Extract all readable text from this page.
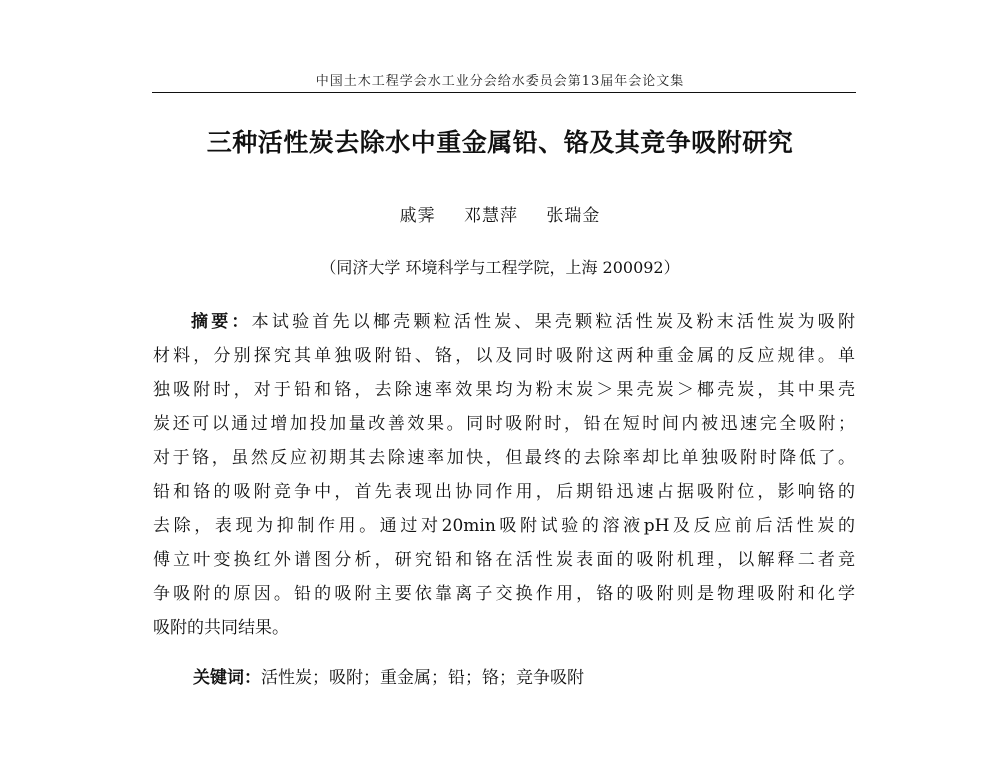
中国土木工程学会水工业分会给水委员会第13届年会论文集
三种活性炭去除水中重金属铅、铬及其竞争吸附研究
戚霁 邓慧萍 张瑞金
（同济大学 环境科学与工程学院，上海 200092）
摘要：本试验首先以椰壳颗粒活性炭、果壳颗粒活性炭及粉末活性炭为吸附
材料，分别探究其单独吸附铅、铬，以及同时吸附这两种重金属的反应规律。单
独吸附时，对于铅和铬，去除速率效果均为粉末炭＞果壳炭＞椰壳炭，其中果壳
炭还可以通过增加投加量改善效果。同时吸附时，铅在短时间内被迅速完全吸附；
对于铬，虽然反应初期其去除速率加快，但最终的去除率却比单独吸附时降低了。
铅和铬的吸附竞争中，首先表现出协同作用，后期铅迅速占据吸附位，影响铬的
去除，表现为抑制作用。通过对20min吸附试验的溶液pH及反应前后活性炭的
傅立叶变换红外谱图分析，研究铅和铬在活性炭表面的吸附机理，以解释二者竞
争吸附的原因。铅的吸附主要依靠离子交换作用，铬的吸附则是物理吸附和化学
吸附的共同结果。
关键词：活性炭；吸附；重金属；铅；铬；竞争吸附
